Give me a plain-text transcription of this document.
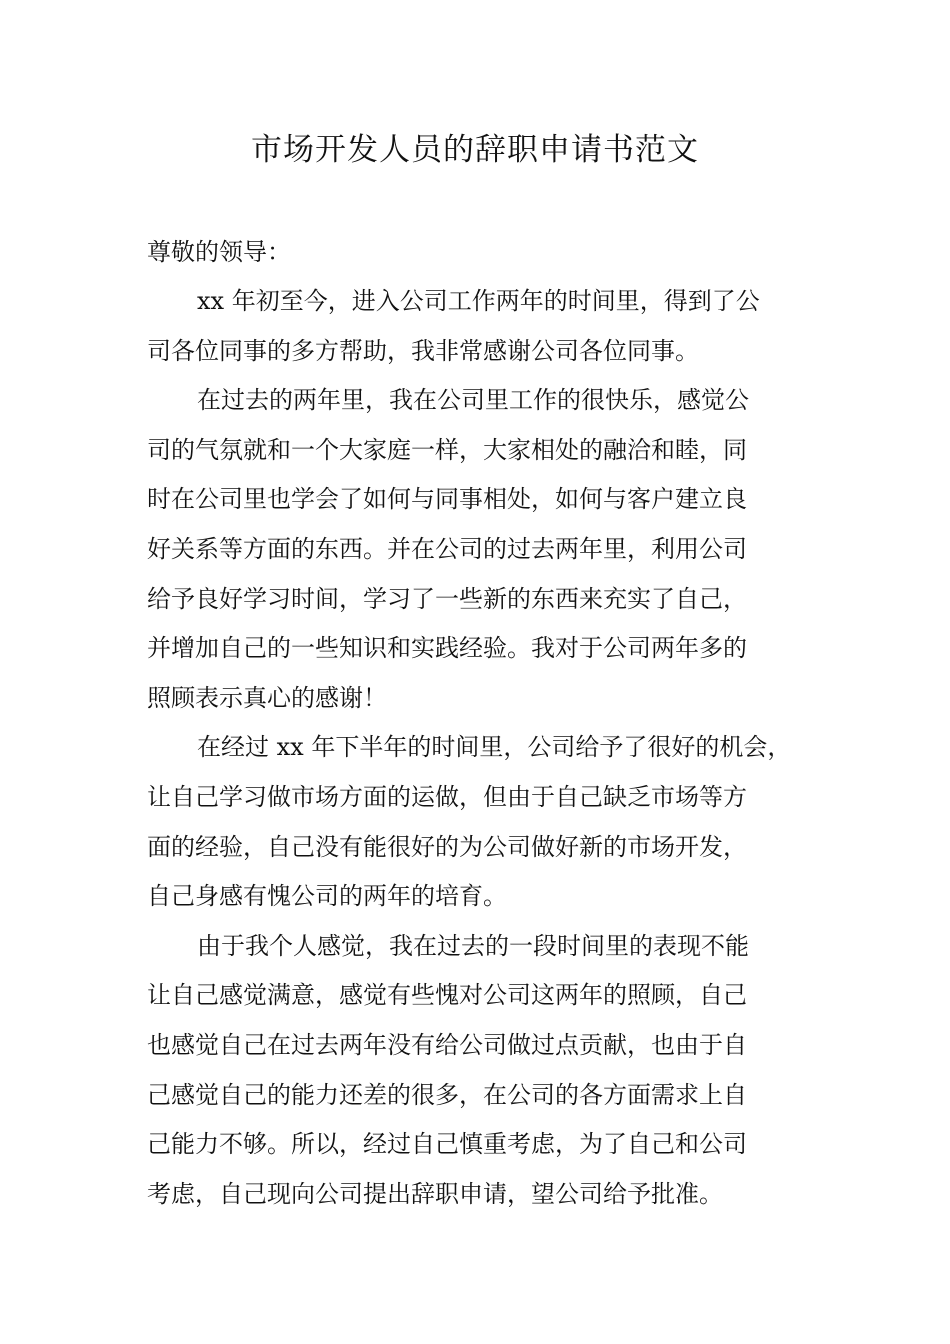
市场开发人员的辞职申请书范文

尊敬的领导：

xx 年初至今，进入公司工作两年的时间里，得到了公
司各位同事的多方帮助，我非常感谢公司各位同事。

在过去的两年里，我在公司里工作的很快乐，感觉公
司的气氛就和一个大家庭一样，大家相处的融洽和睦，同
时在公司里也学会了如何与同事相处，如何与客户建立良
好关系等方面的东西。并在公司的过去两年里，利用公司
给予良好学习时间，学习了一些新的东西来充实了自己，
并增加自己的一些知识和实践经验。我对于公司两年多的
照顾表示真心的感谢！

在经过 xx 年下半年的时间里，公司给予了很好的机会，
让自己学习做市场方面的运做，但由于自己缺乏市场等方
面的经验，自己没有能很好的为公司做好新的市场开发，
自己身感有愧公司的两年的培育。

由于我个人感觉，我在过去的一段时间里的表现不能
让自己感觉满意，感觉有些愧对公司这两年的照顾，自己
也感觉自己在过去两年没有给公司做过点贡献，也由于自
己感觉自己的能力还差的很多，在公司的各方面需求上自
己能力不够。所以，经过自己慎重考虑，为了自己和公司
考虑，自己现向公司提出辞职申请，望公司给予批准。
